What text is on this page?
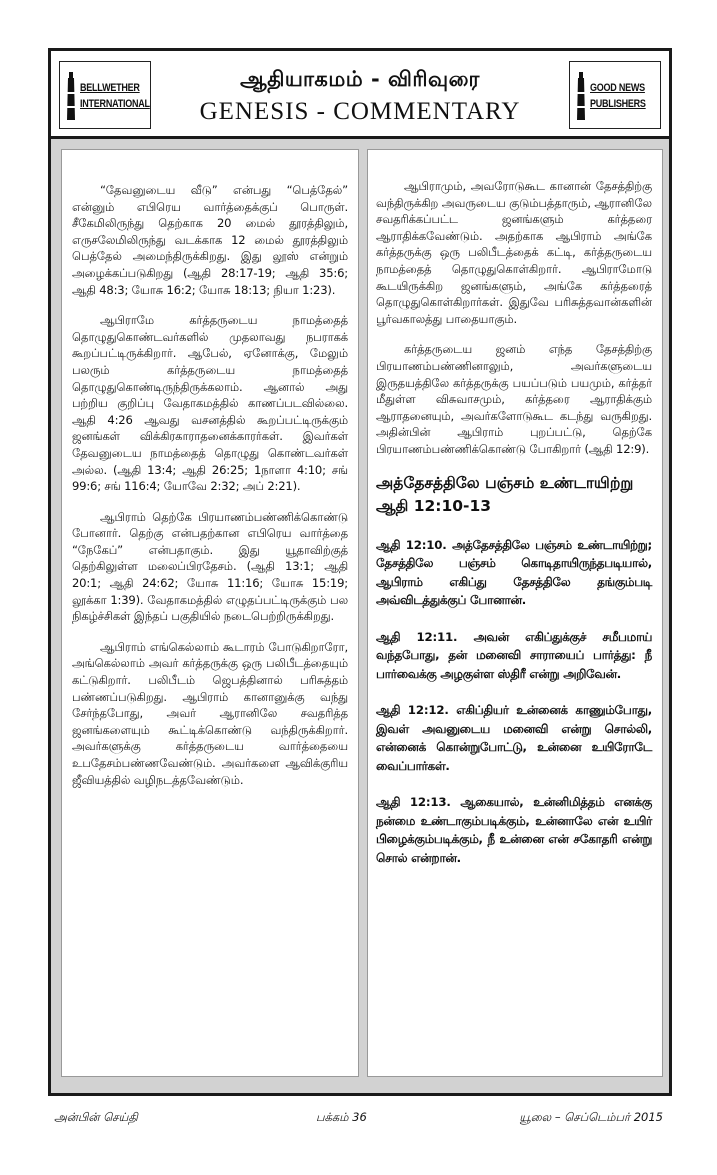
BELLWETHER INTERNATIONAL
ஆதியாகமம் - விரிவுரை
GENESIS - COMMENTARY
GOOD NEWS PUBLISHERS

“தேவனுடைய வீடு” என்பது “பெத்தேல்” என்னும் எபிரெய வார்த்தைக்குப் பொருள். சீகேமிலிருந்து தெற்காக 20 மைல் தூரத்திலும், எருசலேமிலிருந்து வடக்காக 12 மைல் தூரத்திலும் பெத்தேல் அமைந்திருக்கிறது. இது லூஸ் என்றும் அழைக்கப்படுகிறது (ஆதி 28:17-19; ஆதி 35:6; ஆதி 48:3; யோசு 16:2; யோசு 18:13; நியா 1:23).

ஆபிராமே கர்த்தருடைய நாமத்தைத் தொழுதுகொண்டவர்களில் முதலாவது நபராகக் கூறப்பட்டிருக்கிறார். ஆபேல், ஏனோக்கு, மேலும் பலரும் கர்த்தருடைய நாமத்தைத் தொழுதுகொண்டிருந்திருக்கலாம். ஆனால் அது பற்றிய குறிப்பு வேதாகமத்தில் காணப்படவில்லை. ஆதி 4:26 ஆவது வசனத்தில் கூறப்பட்டிருக்கும் ஜனங்கள் விக்கிரகாராதனைக்காரர்கள். இவர்கள் தேவனுடைய நாமத்தைத் தொழுது கொண்டவர்கள் அல்ல. (ஆதி 13:4; ஆதி 26:25; 1நாளா 4:10; சங் 99:6; சங் 116:4; யோவே 2:32; அப் 2:21).

ஆபிராம் தெற்கே பிரயாணம்பண்ணிக்கொண்டு போனார். தெற்கு என்பதற்கான எபிரெய வார்த்தை “நேகேப்” என்பதாகும். இது யூதாவிற்குத் தெற்கிலுள்ள மலைப்பிரதேசம். (ஆதி 13:1; ஆதி 20:1; ஆதி 24:62; யோசு 11:16; யோசு 15:19; லூக்கா 1:39). வேதாகமத்தில் எழுதப்பட்டிருக்கும் பல நிகழ்ச்சிகள் இந்தப் பகுதியில் நடைபெற்றிருக்கிறது.

ஆபிராம் எங்கெல்லாம் கூடாரம் போடுகிறாரோ, அங்கெல்லாம் அவர் கர்த்தருக்கு ஒரு பலிபீடத்தையும் கட்டுகிறார். பலிபீடம் ஜெபத்தினால் பரிசுத்தம் பண்ணப்படுகிறது. ஆபிராம் கானானுக்கு வந்து சேர்ந்தபோது, அவர் ஆரானிலே சவதரித்த ஜனங்களையும் கூட்டிக்கொண்டு வந்திருக்கிறார். அவர்களுக்கு கர்த்தருடைய வார்த்தையை உபதேசம்பண்ணவேண்டும். அவர்களை ஆவிக்குரிய ஜீவியத்தில் வழிநடத்தவேண்டும்.

ஆபிராமும், அவரோடுகூட கானான் தேசத்திற்கு வந்திருக்கிற அவருடைய குடும்பத்தாரும், ஆரானிலே சவதரிக்கப்பட்ட ஜனங்களும் கர்த்தரை ஆராதிக்கவேண்டும். அதற்காக ஆபிராம் அங்கே கர்த்தருக்கு ஒரு பலிபீடத்தைக் கட்டி, கர்த்தருடைய நாமத்தைத் தொழுதுகொள்கிறார். ஆபிராமோடு கூடயிருக்கிற ஜனங்களும், அங்கே கர்த்தரைத் தொழுதுகொள்கிறார்கள். இதுவே பரிசுத்தவான்களின் பூர்வகாலத்து பாதையாகும்.

கர்த்தருடைய ஜனம் எந்த தேசத்திற்கு பிரயாணம்பண்ணினாலும், அவர்களுடைய இருதயத்திலே கர்த்தருக்கு பயப்படும் பயமும், கர்த்தர் மீதுள்ள விசுவாசமும், கர்த்தரை ஆராதிக்கும் ஆராதனையும், அவர்களோடுகூட கடந்து வருகிறது. அதின்பின் ஆபிராம் புறப்பட்டு, தெற்கே பிரயாணம்பண்ணிக்கொண்டு போகிறார் (ஆதி 12:9).

அத்தேசத்திலே பஞ்சம் உண்டாயிற்று
ஆதி 12:10-13

ஆதி 12:10. அத்தேசத்திலே பஞ்சம் உண்டாயிற்று; தேசத்திலே பஞ்சம் கொடிதாயிருந்தபடியால், ஆபிராம் எகிப்து தேசத்திலே தங்கும்படி அவ்விடத்துக்குப் போனான்.

ஆதி 12:11. அவன் எகிப்துக்குச் சமீபமாய் வந்தபோது, தன் மனைவி சாராயைப் பார்த்து: நீ பார்வைக்கு அழகுள்ள ஸ்திரீ என்று அறிவேன்.

ஆதி 12:12. எகிப்தியர் உன்னைக் காணும்போது, இவள் அவனுடைய மனைவி என்று சொல்லி, என்னைக் கொன்றுபோட்டு, உன்னை உயிரோடே வைப்பார்கள்.

ஆதி 12:13. ஆகையால், உன்னிமித்தம் எனக்கு நன்மை உண்டாகும்படிக்கும், உன்னாலே என் உயிர் பிழைக்கும்படிக்கும், நீ உன்னை என் சகோதரி என்று சொல் என்றான்.

அன்பின் செய்தி	பக்கம் 36	யூலை – செப்டெம்பர் 2015
